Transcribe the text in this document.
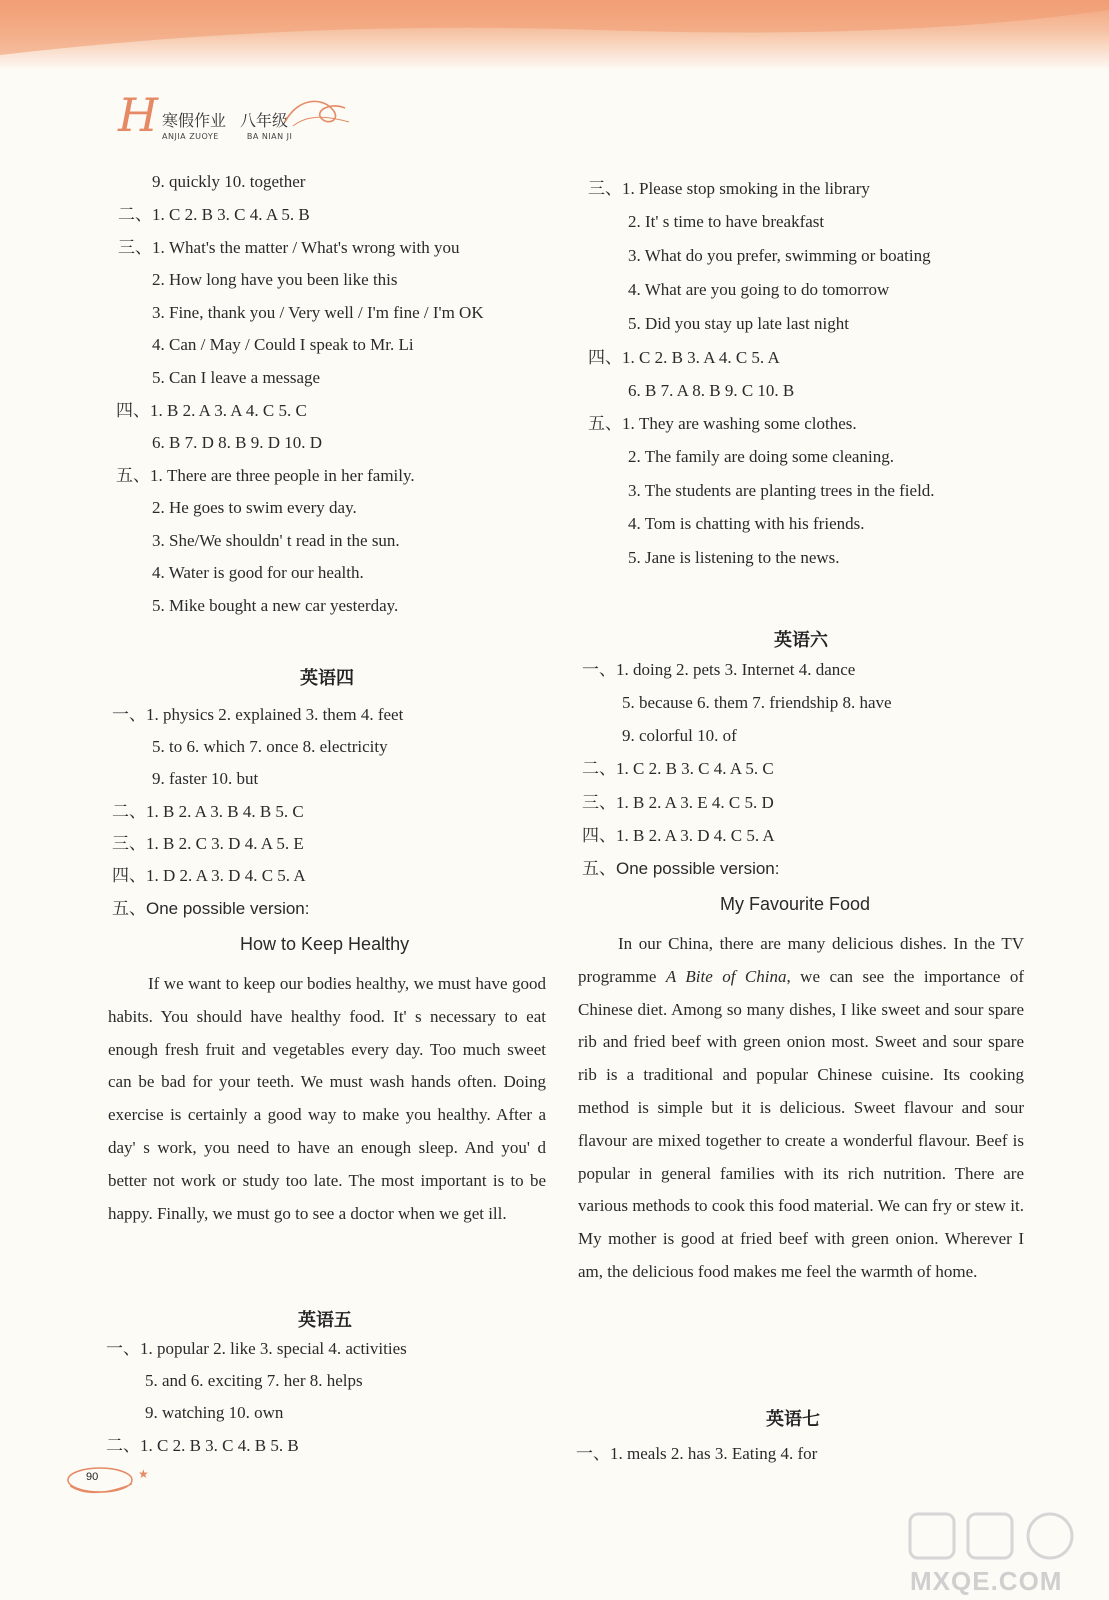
H 寒假作业 八年级
ANJIA ZUOYE	BA NIAN JI
9. quickly 10. together
二、1. C 2. B 3. C 4. A 5. B
三、1. What's the matter / What's wrong with you
2. How long have you been like this
3. Fine, thank you / Very well / I'm fine / I'm OK
4. Can / May / Could I speak to Mr. Li
5. Can I leave a message
四、1. B 2. A 3. A 4. C 5. C
6. B 7. D 8. B 9. D 10. D
五、1. There are three people in her family.
2. He goes to swim every day.
3. She/We shouldn' t read in the sun.
4. Water is good for our health.
5. Mike bought a new car yesterday.
英语四
一、1. physics 2. explained 3. them 4. feet
5. to 6. which 7. once 8. electricity
9. faster 10. but
二、1. B 2. A 3. B 4. B 5. C
三、1. B 2. C 3. D 4. A 5. E
四、1. D 2. A 3. D 4. C 5. A
五、One possible version:
How to Keep Healthy
If we want to keep our bodies healthy, we must have good habits. You should have healthy food. It' s necessary to eat enough fresh fruit and vegetables every day. Too much sweet can be bad for your teeth. We must wash hands often. Doing exercise is certainly a good way to make you healthy. After a day' s work, you need to have an enough sleep. And you' d better not work or study too late. The most important is to be happy. Finally, we must go to see a doctor when we get ill.
英语五
一、1. popular 2. like 3. special 4. activities
5. and 6. exciting 7. her 8. helps
9. watching 10. own
二、1. C 2. B 3. C 4. B 5. B
三、1. Please stop smoking in the library
2. It' s time to have breakfast
3. What do you prefer, swimming or boating
4. What are you going to do tomorrow
5. Did you stay up late last night
四、1. C 2. B 3. A 4. C 5. A
6. B 7. A 8. B 9. C 10. B
五、1. They are washing some clothes.
2. The family are doing some cleaning.
3. The students are planting trees in the field.
4. Tom is chatting with his friends.
5. Jane is listening to the news.
英语六
一、1. doing 2. pets 3. Internet 4. dance
5. because 6. them 7. friendship 8. have
9. colorful 10. of
二、1. C 2. B 3. C 4. A 5. C
三、1. B 2. A 3. E 4. C 5. D
四、1. B 2. A 3. D 4. C 5. A
五、One possible version:
My Favourite Food
In our China, there are many delicious dishes. In the TV programme A Bite of China, we can see the importance of Chinese diet. Among so many dishes, I like sweet and sour spare rib and fried beef with green onion most. Sweet and sour spare rib is a traditional and popular Chinese cuisine. Its cooking method is simple but it is delicious. Sweet flavour and sour flavour are mixed together to create a wonderful flavour. Beef is popular in general families with its rich nutrition. There are various methods to cook this food material. We can fry or stew it. My mother is good at fried beef with green onion. Wherever I am, the delicious food makes me feel the warmth of home.
英语七
一、1. meals 2. has 3. Eating 4. for
★
90
MXQE.COM
